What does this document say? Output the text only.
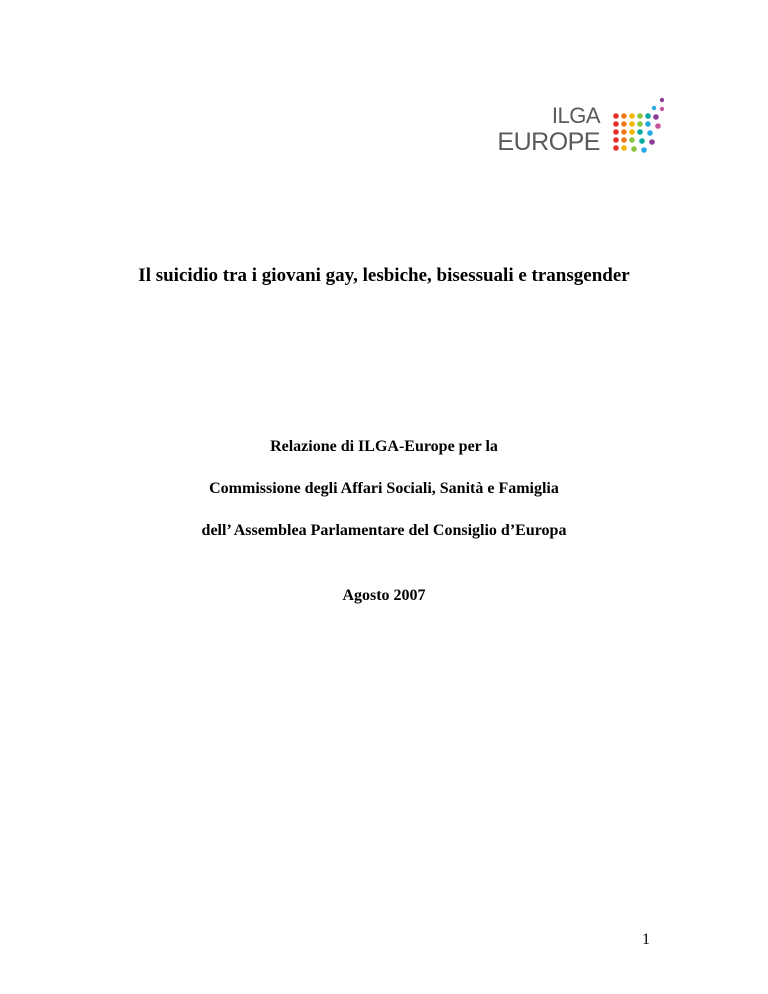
ILGA
EUROPE
Il suicidio tra i giovani gay, lesbiche, bisessuali e transgender
Relazione di ILGA-Europe per la
Commissione degli Affari Sociali, Sanità e Famiglia
dell’ Assemblea Parlamentare del Consiglio d’Europa
Agosto 2007
1
